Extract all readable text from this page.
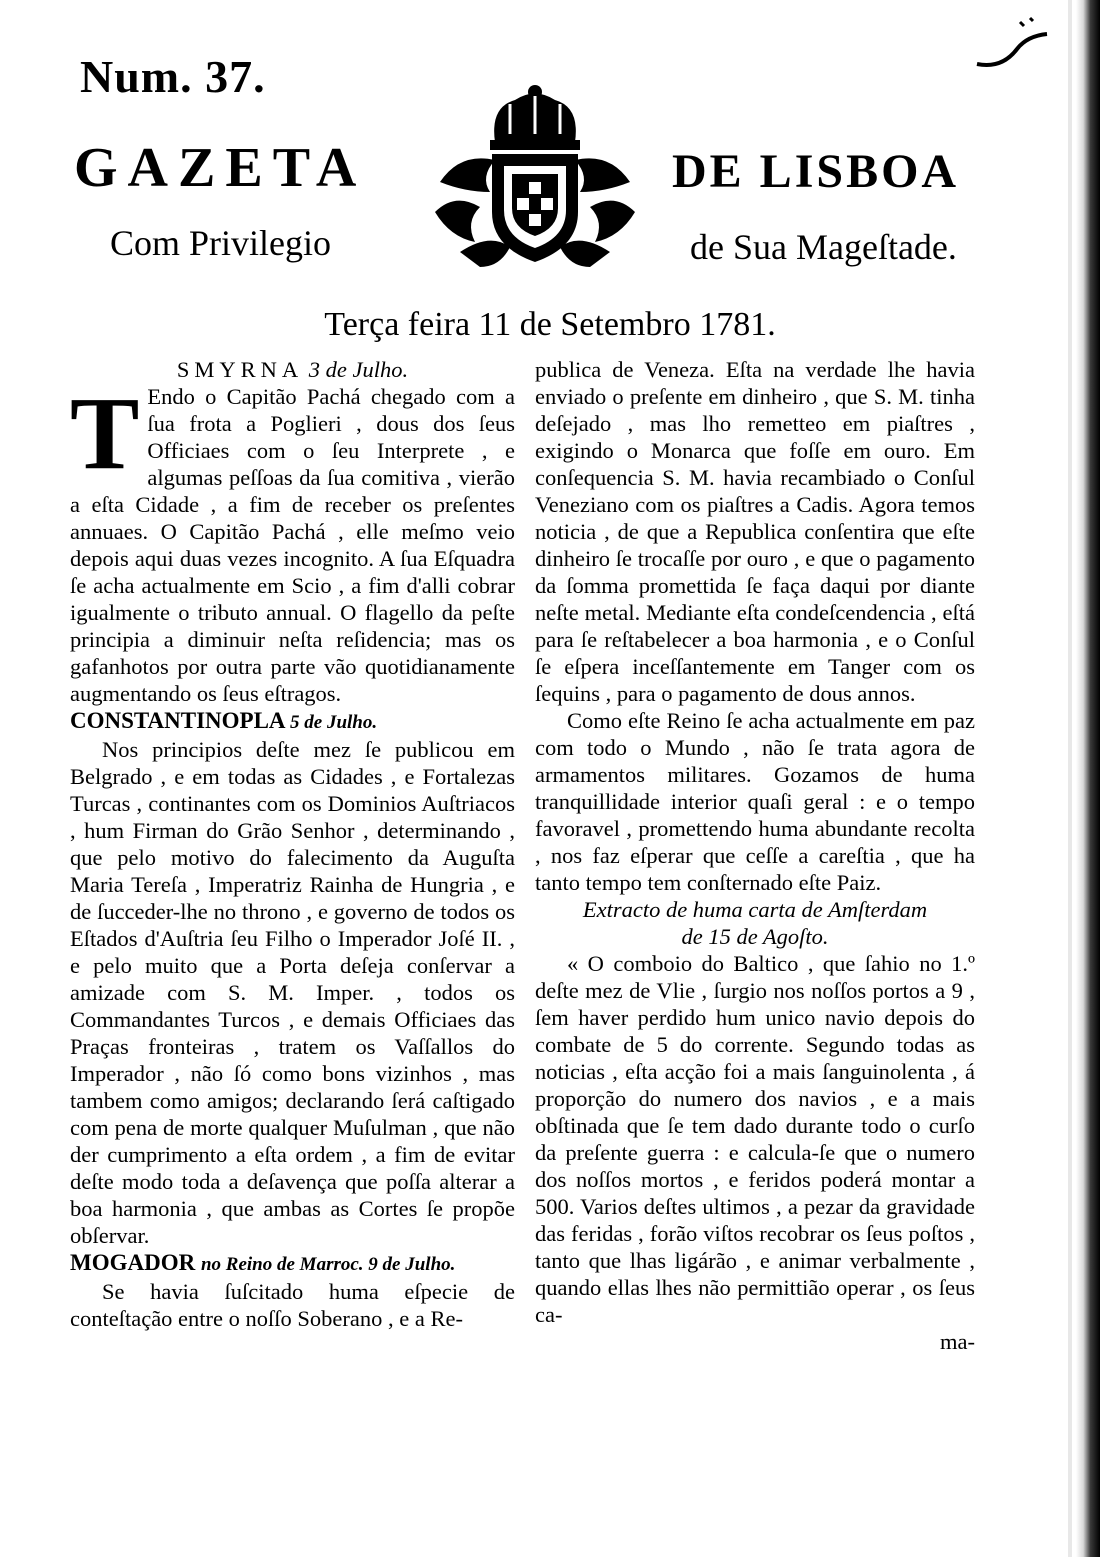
Num. 37.
GAZETA	DE LISBOA
Com Privilegio	de Sua Mageſtade.
Terça feira 11 de Setembro 1781.

SMYRNA 3 de Julho.

T Endo o Capitão Pachá chegado com a ſua frota a Poglieri , dous dos ſeus Officiaes com o ſeu Interprete , e algumas peſſoas da ſua comitiva , vierão a eſta Cidade , a fim de receber os preſentes annuaes. O Capitão Pachá , elle meſmo veio depois aqui duas vezes incognito. A ſua Eſquadra ſe acha actualmente em Scio , a fim d'alli cobrar igualmente o tributo annual. O flagello da peſte principia a diminuir neſta reſidencia; mas os gafanhotos por outra parte vão quotidianamente augmentando os ſeus eſtragos.

CONSTANTINOPLA 5 de Julho.

Nos principios deſte mez ſe publicou em Belgrado , e em todas as Cidades , e Fortalezas Turcas , continantes com os Dominios Auſtriacos , hum Firman do Grão Senhor , determinando , que pelo motivo do falecimento da Auguſta Maria Tereſa , Imperatriz Rainha de Hungria , e de ſucceder-lhe no throno , e governo de todos os Eſtados d'Auſtria ſeu Filho o Imperador Joſé II. , e pelo muito que a Porta deſeja conſervar a amizade com S. M. Imper. , todos os Commandantes Turcos , e demais Officiaes das Praças fronteiras , tratem os Vaſſallos do Imperador , não ſó como bons vizinhos , mas tambem como amigos; declarando ſerá caſtigado com pena de morte qualquer Muſulman , que não der cumprimento a eſta ordem , a fim de evitar deſte modo toda a deſavença que poſſa alterar a boa harmonia , que ambas as Cortes ſe propõe obſervar.

MOGADOR no Reino de Marroc. 9 de Julho.

Se havia ſuſcitado huma eſpecie de conteſtação entre o noſſo Soberano , e a Re-

publica de Veneza. Eſta na verdade lhe havia enviado o preſente em dinheiro , que S. M. tinha deſejado , mas lho remetteo em piaſtres , exigindo o Monarca que foſſe em ouro. Em conſequencia S. M. havia recambiado o Conſul Veneziano com os piaſtres a Cadis. Agora temos noticia , de que a Republica conſentira que eſte dinheiro ſe trocaſſe por ouro , e que o pagamento da ſomma promettida ſe faça daqui por diante neſte metal. Mediante eſta condeſcendencia , eſtá para ſe reſtabelecer a boa harmonia , e o Conſul ſe eſpera inceſſantemente em Tanger com os ſequins , para o pagamento de dous annos.

Como eſte Reino ſe acha actualmente em paz com todo o Mundo , não ſe trata agora de armamentos militares. Gozamos de huma tranquillidade interior quaſi geral : e o tempo favoravel , promettendo huma abundante recolta , nos faz eſperar que ceſſe a careſtia , que ha tanto tempo tem conſternado eſte Paiz.

Extracto de huma carta de Amſterdam

de 15 de Agoſto.

« O comboio do Baltico , que ſahio no 1.º deſte mez de Vlie , ſurgio nos noſſos portos a 9 , ſem haver perdido hum unico navio depois do combate de 5 do corrente. Segundo todas as noticias , eſta acção foi a mais ſanguinolenta , á proporção do numero dos navios , e a mais obſtinada que ſe tem dado durante todo o curſo da preſente guerra : e calcula-ſe que o numero dos noſſos mortos , e feridos poderá montar a 500. Varios deſtes ultimos , a pezar da gravidade das feridas , forão viſtos recobrar os ſeus poſtos , tanto que lhas ligárão , e animar verbalmente , quando ellas lhes não permittião operar , os ſeus ca-

ma-
